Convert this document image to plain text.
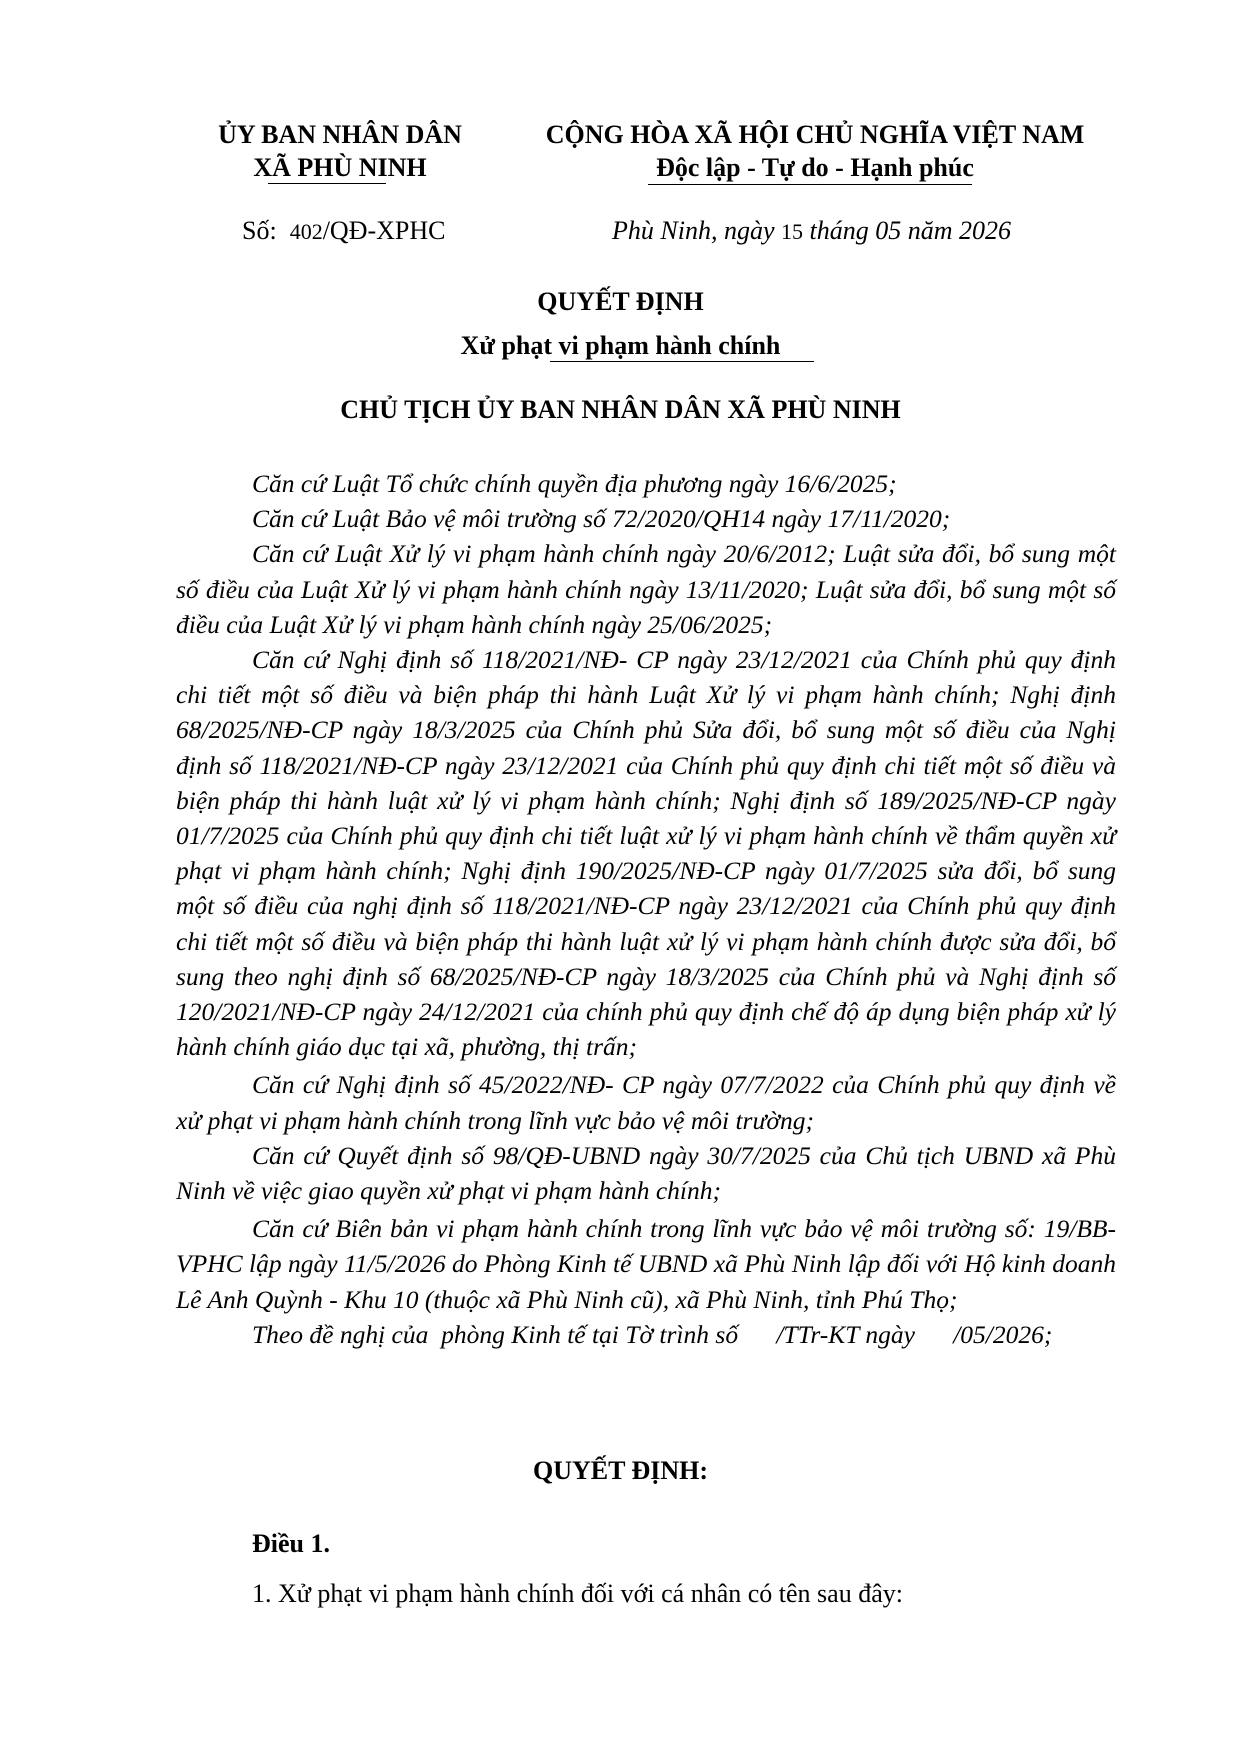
ỦY BAN NHÂN DÂN
XÃ PHÙ NINH
CỘNG HÒA XÃ HỘI CHỦ NGHĨA VIỆT NAM
Độc lập - Tự do - Hạnh phúc
Số: 402/QĐ-XPHC	Phù Ninh, ngày 15 tháng 05 năm 2026
QUYẾT ĐỊNH
Xử phạt vi phạm hành chính
CHỦ TỊCH ỦY BAN NHÂN DÂN XÃ PHÙ NINH

Căn cứ Luật Tổ chức chính quyền địa phương ngày 16/6/2025;

Căn cứ Luật Bảo vệ môi trường số 72/2020/QH14 ngày 17/11/2020;

Căn cứ Luật Xử lý vi phạm hành chính ngày 20/6/2012; Luật sửa đổi, bổ sung một số điều của Luật Xử lý vi phạm hành chính ngày 13/11/2020; Luật sửa đổi, bổ sung một số điều của Luật Xử lý vi phạm hành chính ngày 25/06/2025;

Căn cứ Nghị định số 118/2021/NĐ- CP ngày 23/12/2021 của Chính phủ quy định chi tiết một số điều và biện pháp thi hành Luật Xử lý vi phạm hành chính; Nghị định 68/2025/NĐ-CP ngày 18/3/2025 của Chính phủ Sửa đổi, bổ sung một số điều của Nghị định số 118/2021/NĐ-CP ngày 23/12/2021 của Chính phủ quy định chi tiết một số điều và biện pháp thi hành luật xử lý vi phạm hành chính; Nghị định số 189/2025/NĐ-CP ngày 01/7/2025 của Chính phủ quy định chi tiết luật xử lý vi phạm hành chính về thẩm quyền xử phạt vi phạm hành chính; Nghị định 190/2025/NĐ-CP ngày 01/7/2025 sửa đổi, bổ sung một số điều của nghị định số 118/2021/NĐ-CP ngày 23/12/2021 của Chính phủ quy định chi tiết một số điều và biện pháp thi hành luật xử lý vi phạm hành chính được sửa đổi, bổ sung theo nghị định số 68/2025/NĐ-CP ngày 18/3/2025 của Chính phủ và Nghị định số 120/2021/NĐ-CP ngày 24/12/2021 của chính phủ quy định chế độ áp dụng biện pháp xử lý hành chính giáo dục tại xã, phường, thị trấn;

Căn cứ Nghị định số 45/2022/NĐ- CP ngày 07/7/2022 của Chính phủ quy định về xử phạt vi phạm hành chính trong lĩnh vực bảo vệ môi trường;

Căn cứ Quyết định số 98/QĐ-UBND ngày 30/7/2025 của Chủ tịch UBND xã Phù Ninh về việc giao quyền xử phạt vi phạm hành chính;

Căn cứ Biên bản vi phạm hành chính trong lĩnh vực bảo vệ môi trường số: 19/BB-VPHC lập ngày 11/5/2026 do Phòng Kinh tế UBND xã Phù Ninh lập đối với Hộ kinh doanh Lê Anh Quỳnh - Khu 10 (thuộc xã Phù Ninh cũ), xã Phù Ninh, tỉnh Phú Thọ;

Theo đề nghị của  phòng Kinh tế tại Tờ trình số      /TTr-KT ngày      /05/2026;

QUYẾT ĐỊNH:
Điều 1.
1. Xử phạt vi phạm hành chính đối với cá nhân có tên sau đây:
